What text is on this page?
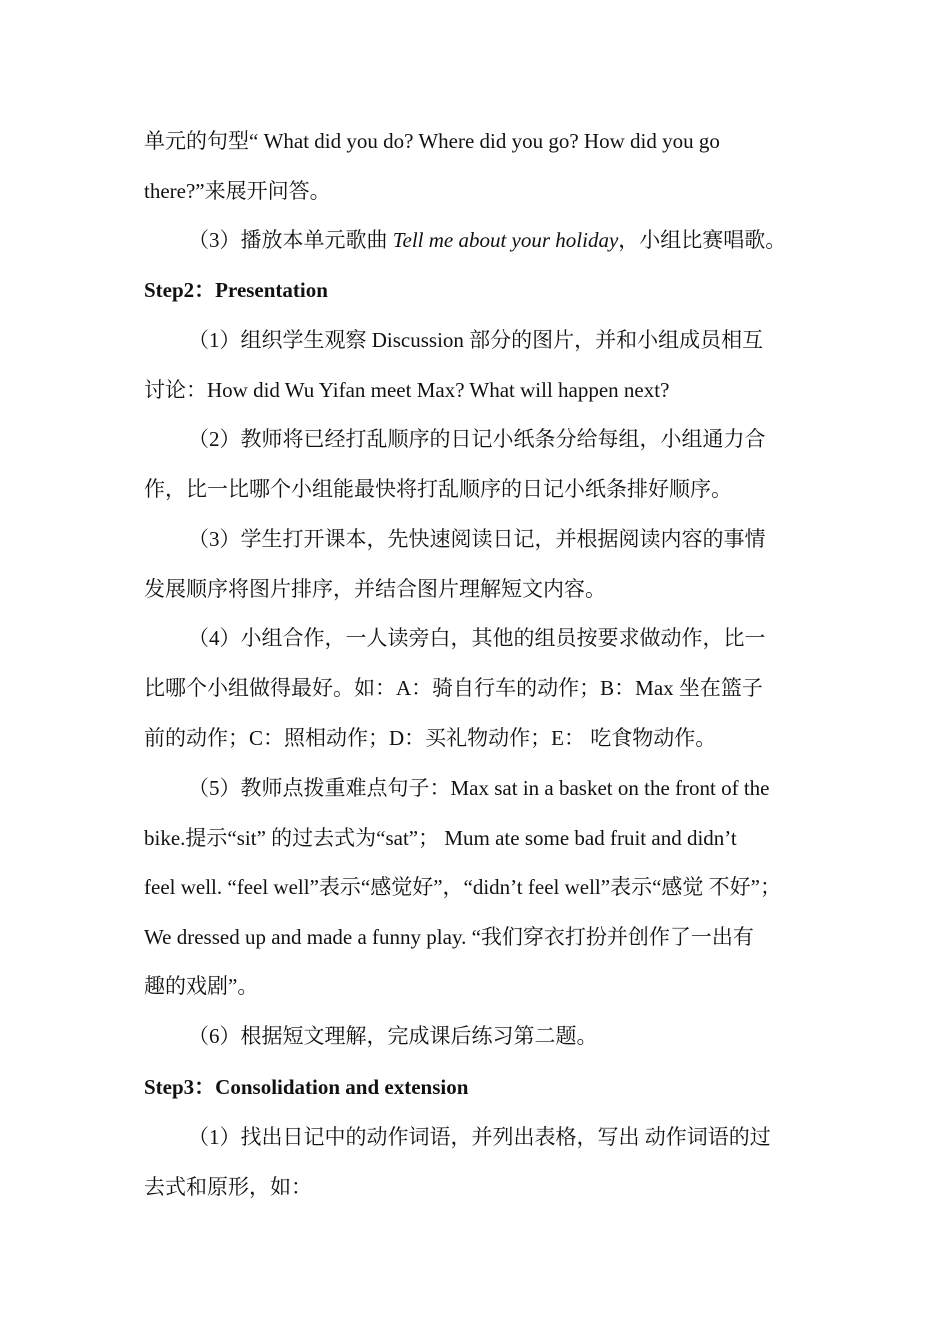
单元的句型“ What did you do? Where did you go? How did you go
there?”来展开问答。
（3）播放本单元歌曲 Tell me about your holiday，小组比赛唱歌。
Step2：Presentation
（1）组织学生观察 Discussion 部分的图片，并和小组成员相互
讨论：How did Wu Yifan meet Max? What will happen next?
（2）教师将已经打乱顺序的日记小纸条分给每组，小组通力合
作，比一比哪个小组能最快将打乱顺序的日记小纸条排好顺序。
（3）学生打开课本，先快速阅读日记，并根据阅读内容的事情
发展顺序将图片排序，并结合图片理解短文内容。
（4）小组合作，一人读旁白，其他的组员按要求做动作，比一
比哪个小组做得最好。如：A：骑自行车的动作；B：Max 坐在篮子
前的动作；C：照相动作；D：买礼物动作；E： 吃食物动作。
（5）教师点拨重难点句子：Max sat in a basket on the front of the
bike.提示“sit” 的过去式为“sat”； Mum ate some bad fruit and didn’t
feel well. “feel well”表示“感觉好”，“didn’t feel well”表示“感觉 不好”；
We dressed up and made a funny play. “我们穿衣打扮并创作了一出有
趣的戏剧”。
（6）根据短文理解，完成课后练习第二题。
Step3：Consolidation and extension
（1）找出日记中的动作词语，并列出表格，写出 动作词语的过
去式和原形，如：
